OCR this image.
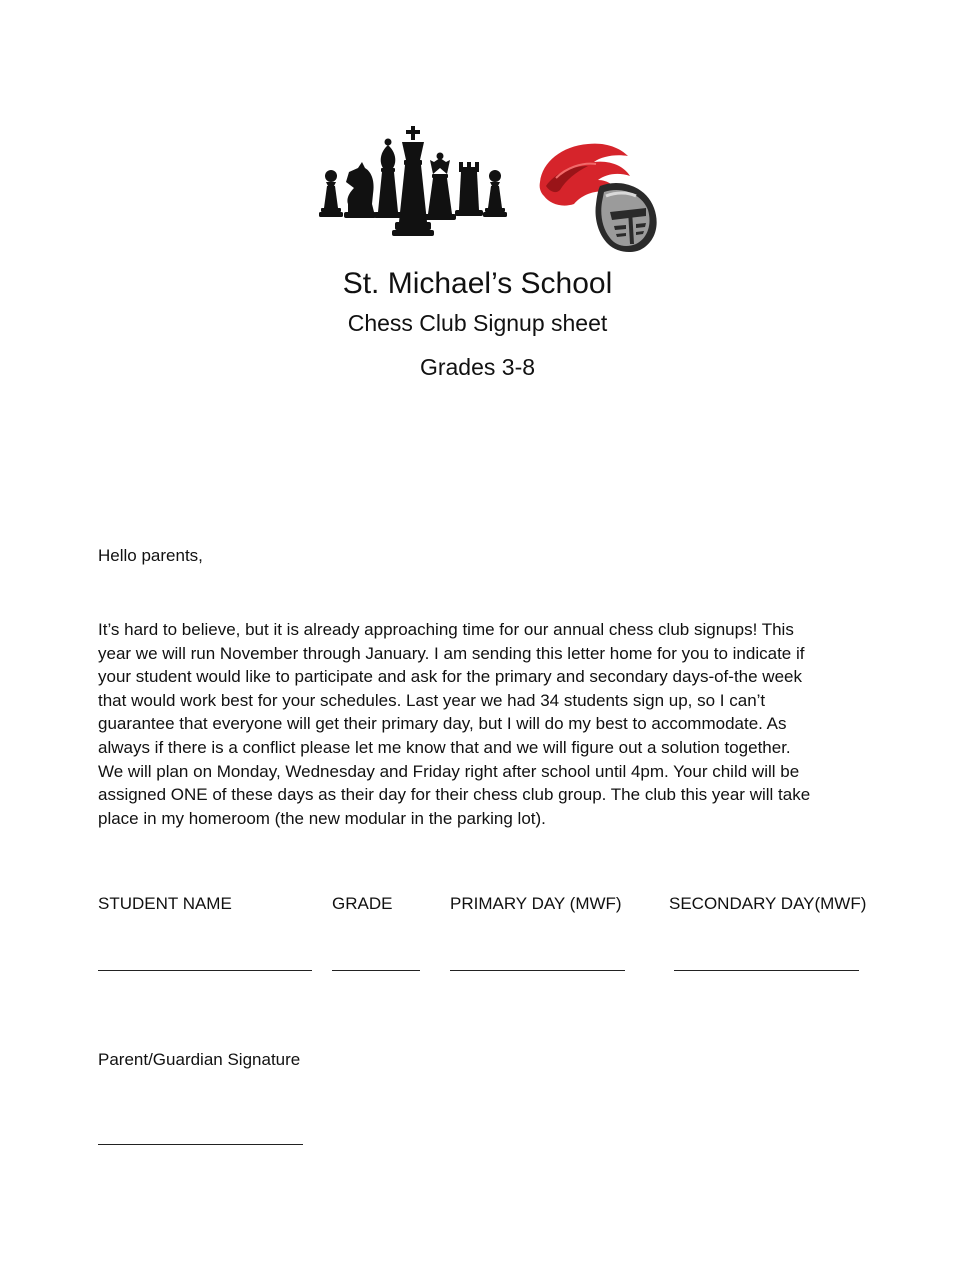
St. Michael’s School
Chess Club Signup sheet
Grades 3-8
Hello parents,
It’s hard to believe, but it is already approaching time for our annual chess club signups! This
year we will run November through January. I am sending this letter home for you to indicate if
your student would like to participate and ask for the primary and secondary days-of-the week
that would work best for your schedules. Last year we had 34 students sign up, so I can’t
guarantee that everyone will get their primary day, but I will do my best to accommodate. As
always if there is a conflict please let me know that and we will figure out a solution together.
We will plan on Monday, Wednesday and Friday right after school until 4pm. Your child will be
assigned ONE of these days as their day for their chess club group. The club this year will take
place in my homeroom (the new modular in the parking lot).
STUDENT NAME	GRADE	PRIMARY DAY (MWF)	SECONDARY DAY(MWF)
Parent/Guardian Signature
